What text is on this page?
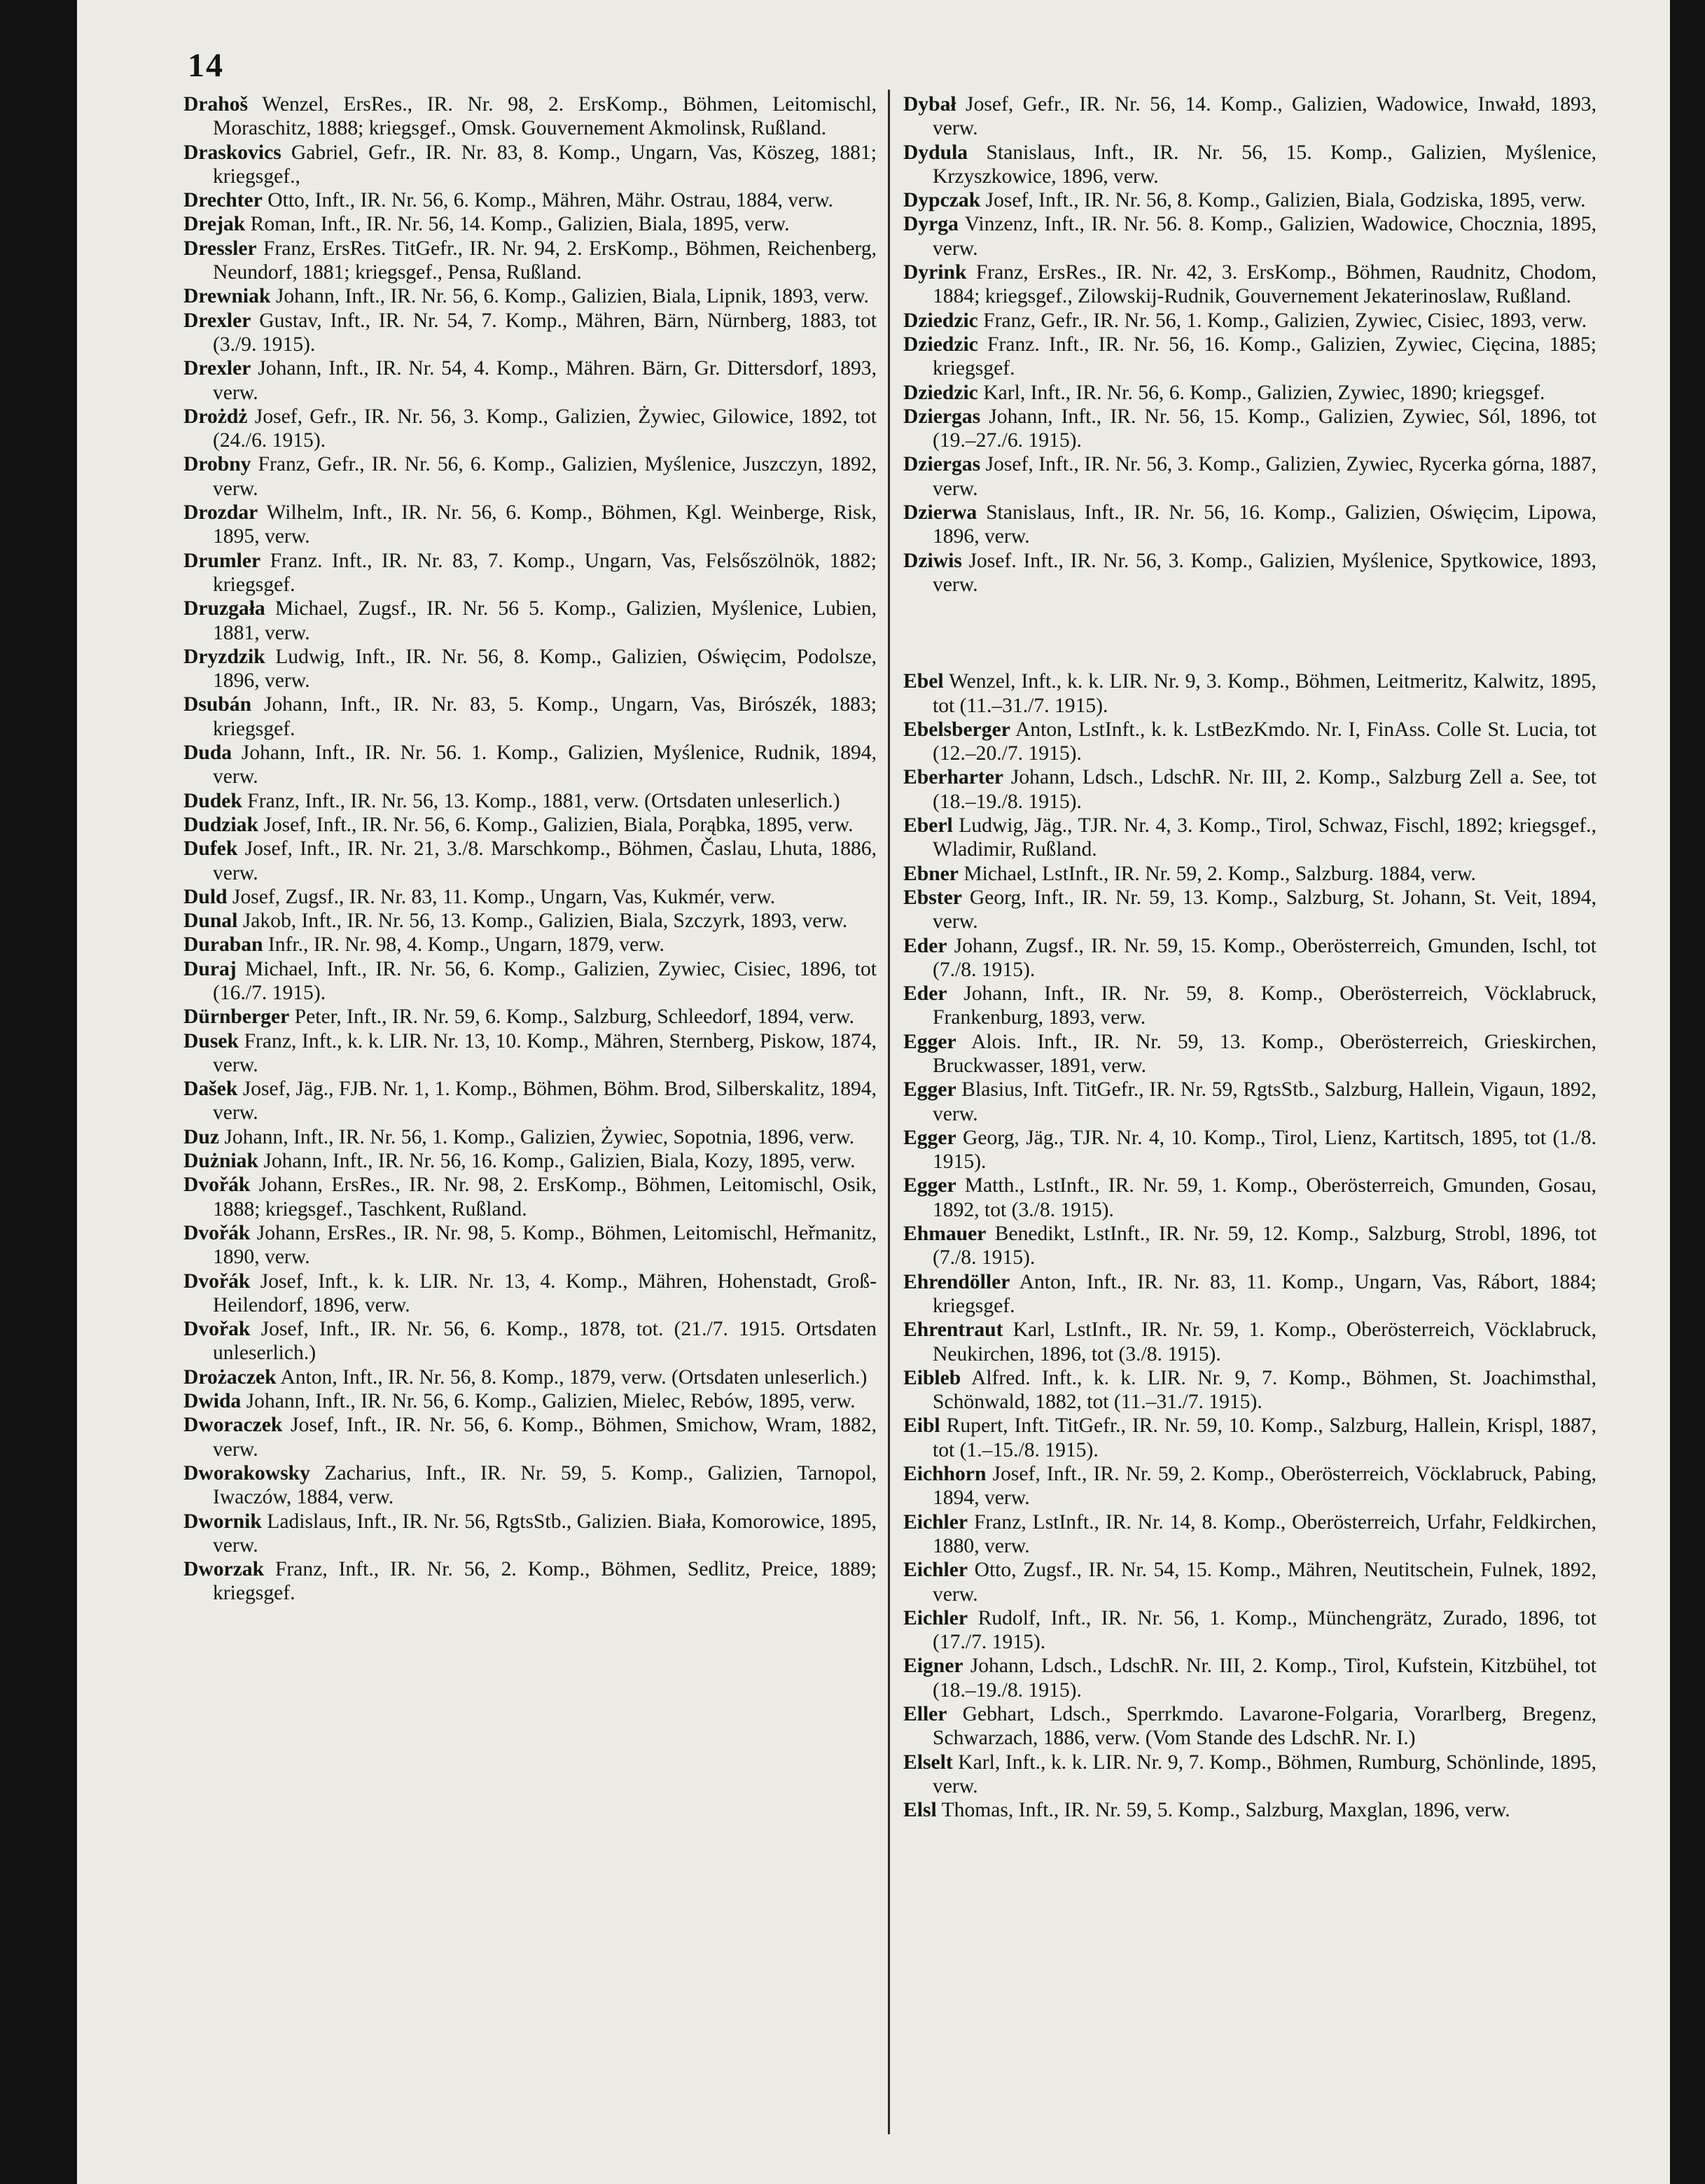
14
Drahoš Wenzel, ErsRes., IR. Nr. 98, 2. ErsKomp., Böhmen, Leitomischl, Moraschitz, 1888; kriegsgef., Omsk. Gouvernement Akmolinsk, Rußland.
Draskovics Gabriel, Gefr., IR. Nr. 83, 8. Komp., Ungarn, Vas, Köszeg, 1881; kriegsgef.,
Drechter Otto, Inft., IR. Nr. 56, 6. Komp., Mähren, Mähr. Ostrau, 1884, verw.
Drejak Roman, Inft., IR. Nr. 56, 14. Komp., Galizien, Biala, 1895, verw.
Dressler Franz, ErsRes. TitGefr., IR. Nr. 94, 2. ErsKomp., Böhmen, Reichenberg, Neundorf, 1881; kriegsgef., Pensa, Rußland.
Drewniak Johann, Inft., IR. Nr. 56, 6. Komp., Galizien, Biala, Lipnik, 1893, verw.
Drexler Gustav, Inft., IR. Nr. 54, 7. Komp., Mähren, Bärn, Nürnberg, 1883, tot (3./9. 1915).
Drexler Johann, Inft., IR. Nr. 54, 4. Komp., Mähren. Bärn, Gr. Dittersdorf, 1893, verw.
Drożdż Josef, Gefr., IR. Nr. 56, 3. Komp., Galizien, Żywiec, Gilowice, 1892, tot (24./6. 1915).
Drobny Franz, Gefr., IR. Nr. 56, 6. Komp., Galizien, Myślenice, Juszczyn, 1892, verw.
Drozdar Wilhelm, Inft., IR. Nr. 56, 6. Komp., Böhmen, Kgl. Weinberge, Risk, 1895, verw.
Drumler Franz. Inft., IR. Nr. 83, 7. Komp., Ungarn, Vas, Felsőszölnök, 1882; kriegsgef.
Druzgała Michael, Zugsf., IR. Nr. 56 5. Komp., Galizien, Myślenice, Lubien, 1881, verw.
Dryzdzik Ludwig, Inft., IR. Nr. 56, 8. Komp., Galizien, Oświęcim, Podolsze, 1896, verw.
Dsubán Johann, Inft., IR. Nr. 83, 5. Komp., Ungarn, Vas, Birószék, 1883; kriegsgef.
Duda Johann, Inft., IR. Nr. 56. 1. Komp., Galizien, Myślenice, Rudnik, 1894, verw.
Dudek Franz, Inft., IR. Nr. 56, 13. Komp., 1881, verw. (Ortsdaten unleserlich.)
Dudziak Josef, Inft., IR. Nr. 56, 6. Komp., Galizien, Biala, Porąbka, 1895, verw.
Dufek Josef, Inft., IR. Nr. 21, 3./8. Marschkomp., Böhmen, Časlau, Lhuta, 1886, verw.
Duld Josef, Zugsf., IR. Nr. 83, 11. Komp., Ungarn, Vas, Kukmér, verw.
Dunal Jakob, Inft., IR. Nr. 56, 13. Komp., Galizien, Biala, Szczyrk, 1893, verw.
Duraban Infr., IR. Nr. 98, 4. Komp., Ungarn, 1879, verw.
Duraj Michael, Inft., IR. Nr. 56, 6. Komp., Galizien, Zywiec, Cisiec, 1896, tot (16./7. 1915).
Dürnberger Peter, Inft., IR. Nr. 59, 6. Komp., Salzburg, Schleedorf, 1894, verw.
Dusek Franz, Inft., k. k. LIR. Nr. 13, 10. Komp., Mähren, Sternberg, Piskow, 1874, verw.
Dašek Josef, Jäg., FJB. Nr. 1, 1. Komp., Böhmen, Böhm. Brod, Silberskalitz, 1894, verw.
Duz Johann, Inft., IR. Nr. 56, 1. Komp., Galizien, Żywiec, Sopotnia, 1896, verw.
Dużniak Johann, Inft., IR. Nr. 56, 16. Komp., Galizien, Biala, Kozy, 1895, verw.
Dvořák Johann, ErsRes., IR. Nr. 98, 2. ErsKomp., Böhmen, Leitomischl, Osik, 1888; kriegsgef., Taschkent, Rußland.
Dvořák Johann, ErsRes., IR. Nr. 98, 5. Komp., Böhmen, Leitomischl, Heřmanitz, 1890, verw.
Dvořák Josef, Inft., k. k. LIR. Nr. 13, 4. Komp., Mähren, Hohenstadt, Groß-Heilendorf, 1896, verw.
Dvořak Josef, Inft., IR. Nr. 56, 6. Komp., 1878, tot. (21./7. 1915. Ortsdaten unleserlich.)
Drożaczek Anton, Inft., IR. Nr. 56, 8. Komp., 1879, verw. (Ortsdaten unleserlich.)
Dwida Johann, Inft., IR. Nr. 56, 6. Komp., Galizien, Mielec, Rebów, 1895, verw.
Dworaczek Josef, Inft., IR. Nr. 56, 6. Komp., Böhmen, Smichow, Wram, 1882, verw.
Dworakowsky Zacharius, Inft., IR. Nr. 59, 5. Komp., Galizien, Tarnopol, Iwaczów, 1884, verw.
Dwornik Ladislaus, Inft., IR. Nr. 56, RgtsStb., Galizien. Biała, Komorowice, 1895, verw.
Dworzak Franz, Inft., IR. Nr. 56, 2. Komp., Böhmen, Sedlitz, Preice, 1889; kriegsgef.
Dybał Josef, Gefr., IR. Nr. 56, 14. Komp., Galizien, Wadowice, Inwałd, 1893, verw.
Dydula Stanislaus, Inft., IR. Nr. 56, 15. Komp., Galizien, Myślenice, Krzyszkowice, 1896, verw.
Dypczak Josef, Inft., IR. Nr. 56, 8. Komp., Galizien, Biala, Godziska, 1895, verw.
Dyrga Vinzenz, Inft., IR. Nr. 56. 8. Komp., Galizien, Wadowice, Chocznia, 1895, verw.
Dyrink Franz, ErsRes., IR. Nr. 42, 3. ErsKomp., Böhmen, Raudnitz, Chodom, 1884; kriegsgef., Zilowskij-Rudnik, Gouvernement Jekaterinoslaw, Rußland.
Dziedzic Franz, Gefr., IR. Nr. 56, 1. Komp., Galizien, Zywiec, Cisiec, 1893, verw.
Dziedzic Franz. Inft., IR. Nr. 56, 16. Komp., Galizien, Zywiec, Cięcina, 1885; kriegsgef.
Dziedzic Karl, Inft., IR. Nr. 56, 6. Komp., Galizien, Zywiec, 1890; kriegsgef.
Dziergas Johann, Inft., IR. Nr. 56, 15. Komp., Galizien, Zywiec, Sól, 1896, tot (19.–27./6. 1915).
Dziergas Josef, Inft., IR. Nr. 56, 3. Komp., Galizien, Zywiec, Rycerka górna, 1887, verw.
Dzierwa Stanislaus, Inft., IR. Nr. 56, 16. Komp., Galizien, Oświęcim, Lipowa, 1896, verw.
Dziwis Josef. Inft., IR. Nr. 56, 3. Komp., Galizien, Myślenice, Spytkowice, 1893, verw.
Ebel Wenzel, Inft., k. k. LIR. Nr. 9, 3. Komp., Böhmen, Leitmeritz, Kalwitz, 1895, tot (11.–31./7. 1915).
Ebelsberger Anton, LstInft., k. k. LstBezKmdo. Nr. I, FinAss. Colle St. Lucia, tot (12.–20./7. 1915).
Eberharter Johann, Ldsch., LdschR. Nr. III, 2. Komp., Salzburg Zell a. See, tot (18.–19./8. 1915).
Eberl Ludwig, Jäg., TJR. Nr. 4, 3. Komp., Tirol, Schwaz, Fischl, 1892; kriegsgef., Wladimir, Rußland.
Ebner Michael, LstInft., IR. Nr. 59, 2. Komp., Salzburg. 1884, verw.
Ebster Georg, Inft., IR. Nr. 59, 13. Komp., Salzburg, St. Johann, St. Veit, 1894, verw.
Eder Johann, Zugsf., IR. Nr. 59, 15. Komp., Oberösterreich, Gmunden, Ischl, tot (7./8. 1915).
Eder Johann, Inft., IR. Nr. 59, 8. Komp., Oberösterreich, Vöcklabruck, Frankenburg, 1893, verw.
Egger Alois. Inft., IR. Nr. 59, 13. Komp., Oberösterreich, Grieskirchen, Bruckwasser, 1891, verw.
Egger Blasius, Inft. TitGefr., IR. Nr. 59, RgtsStb., Salzburg, Hallein, Vigaun, 1892, verw.
Egger Georg, Jäg., TJR. Nr. 4, 10. Komp., Tirol, Lienz, Kartitsch, 1895, tot (1./8. 1915).
Egger Matth., LstInft., IR. Nr. 59, 1. Komp., Oberösterreich, Gmunden, Gosau, 1892, tot (3./8. 1915).
Ehmauer Benedikt, LstInft., IR. Nr. 59, 12. Komp., Salzburg, Strobl, 1896, tot (7./8. 1915).
Ehrendöller Anton, Inft., IR. Nr. 83, 11. Komp., Ungarn, Vas, Rábort, 1884; kriegsgef.
Ehrentraut Karl, LstInft., IR. Nr. 59, 1. Komp., Oberösterreich, Vöcklabruck, Neukirchen, 1896, tot (3./8. 1915).
Eibleb Alfred. Inft., k. k. LIR. Nr. 9, 7. Komp., Böhmen, St. Joachimsthal, Schönwald, 1882, tot (11.–31./7. 1915).
Eibl Rupert, Inft. TitGefr., IR. Nr. 59, 10. Komp., Salzburg, Hallein, Krispl, 1887, tot (1.–15./8. 1915).
Eichhorn Josef, Inft., IR. Nr. 59, 2. Komp., Oberösterreich, Vöcklabruck, Pabing, 1894, verw.
Eichler Franz, LstInft., IR. Nr. 14, 8. Komp., Oberösterreich, Urfahr, Feldkirchen, 1880, verw.
Eichler Otto, Zugsf., IR. Nr. 54, 15. Komp., Mähren, Neutitschein, Fulnek, 1892, verw.
Eichler Rudolf, Inft., IR. Nr. 56, 1. Komp., Münchengrätz, Zurado, 1896, tot (17./7. 1915).
Eigner Johann, Ldsch., LdschR. Nr. III, 2. Komp., Tirol, Kufstein, Kitzbühel, tot (18.–19./8. 1915).
Eller Gebhart, Ldsch., Sperrkmdo. Lavarone-Folgaria, Vorarlberg, Bregenz, Schwarzach, 1886, verw. (Vom Stande des LdschR. Nr. I.)
Elselt Karl, Inft., k. k. LIR. Nr. 9, 7. Komp., Böhmen, Rumburg, Schönlinde, 1895, verw.
Elsl Thomas, Inft., IR. Nr. 59, 5. Komp., Salzburg, Maxglan, 1896, verw.
